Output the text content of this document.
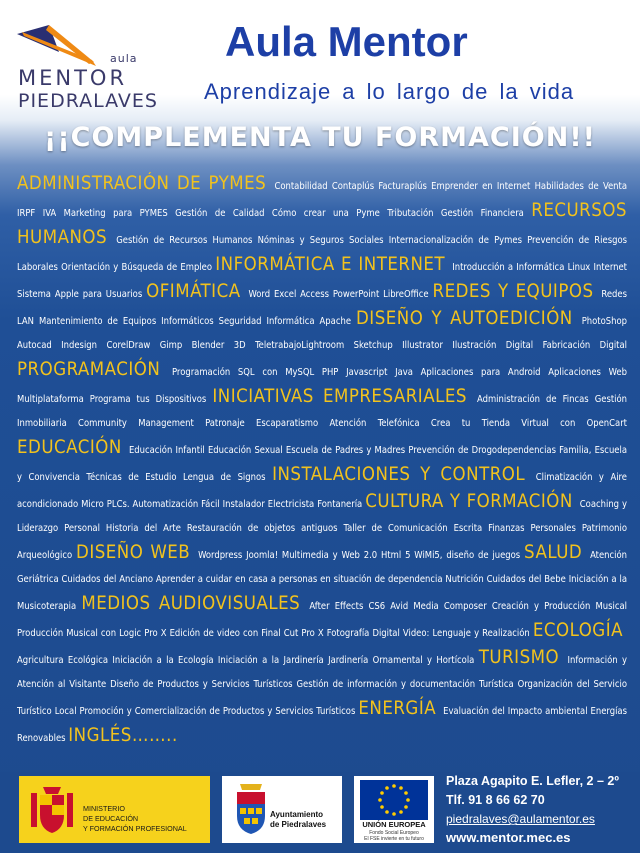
aula
MENTOR
PIEDRALAVES
Aula Mentor
Aprendizaje a lo largo de la vida
¡¡COMPLEMENTA TU FORMACIÓN!!
ADMINISTRACIÓN DE PYMES Contabilidad Contaplús Facturaplús Emprender en Internet Habilidades de Venta IRPF IVA Marketing para PYMES Gestión de Calidad Cómo crear una Pyme Tributación Gestión Financiera RECURSOS HUMANOS Gestión de Recursos Humanos Nóminas y Seguros Sociales Internacionalización de Pymes Prevención de Riesgos Laborales Orientación y Búsqueda de Empleo INFORMÁTICA E INTERNET Introducción a Informática Linux Internet Sistema Apple para Usuarios OFIMÁTICA Word Excel Access PowerPoint LibreOffice REDES Y EQUIPOS Redes LAN Mantenimiento de Equipos Informáticos Seguridad Informática Apache DISEÑO Y AUTOEDICIÓN PhotoShop Autocad Indesign CorelDraw Gimp Blender 3D TeletrabajoLightroom Sketchup Illustrator Ilustración Digital Fabricación Digital PROGRAMACIÓN Programación SQL con MySQL PHP Javascript Java Aplicaciones para Android Aplicaciones Web Multiplataforma Programa tus Dispositivos INICIATIVAS EMPRESARIALES Administración de Fincas Gestión Inmobiliaria Community Management Patronaje Escaparatismo Atención Telefónica Crea tu Tienda Virtual con OpenCart EDUCACIÓN Educación Infantil Educación Sexual Escuela de Padres y Madres Prevención de Drogodependencias Familia, Escuela y Convivencia Técnicas de Estudio Lengua de Signos INSTALACIONES Y CONTROL Climatización y Aire acondicionado Micro PLCs. Automatización Fácil Instalador Electricista Fontanería CULTURA Y FORMACIÓN Coaching y Liderazgo Personal Historia del Arte Restauración de objetos antiguos Taller de Comunicación Escrita Finanzas Personales Patrimonio Arqueológico DISEÑO WEB Wordpress Joomla! Multimedia y Web 2.0 Html 5 WiMi5, diseño de juegos SALUD Atención Geriátrica Cuidados del Anciano Aprender a cuidar en casa a personas en situación de dependencia Nutrición Cuidados del Bebe Iniciación a la Musicoterapia MEDIOS AUDIOVISUALES After Effects CS6 Avid Media Composer Creación y Producción Musical Producción Musical con Logic Pro X Edición de video con Final Cut Pro X Fotografía Digital Video: Lenguaje y Realización ECOLOGÍA Agricultura Ecológica Iniciación a la Ecología Iniciación a la Jardinería Jardinería Ornamental y Hortícola TURISMO Información y Atención al Visitante Diseño de Productos y Servicios Turísticos Gestión de información y documentación Turística Organización del Servicio Turístico Local Promoción y Comercialización de Productos y Servicios Turísticos ENERGÍA Evaluación del Impacto ambiental Energías Renovables INGLÉS……..
MINISTERIO
DE EDUCACIÓN
Y FORMACIÓN PROFESIONAL
Ayuntamiento
de Piedralaves	UNIÓN EUROPEA
Fondo Social Europeo
El FSE invierte en tu futuro
Plaza Agapito E. Lefler, 2 – 2º
Tlf. 91 8 66 62 70
piedralaves@aulamentor.es
www.mentor.mec.es
